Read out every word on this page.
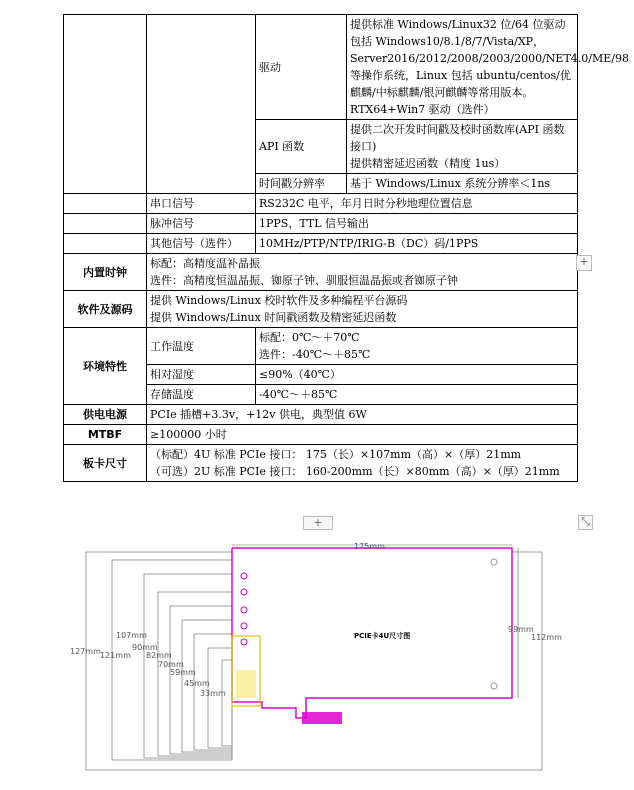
		驱动	提供标准 Windows/Linux32 位/64 位驱动
包括 Windows10/8.1/8/7/Vista/XP，Server2016/2012/2008/2003/2000/NET4.0/ME/98 等操作系统，Linux 包括 ubuntu/centos/优麒麟/中标麒麟/银河麒麟等常用版本。
RTX64+Win7 驱动（选件）

		API 函数	提供二次开发时间戳及校时函数库(API 函数接口)
提供精密延迟函数（精度 1us）

		时间戳分辨率	基于 Windows/Linux 系统分辨率＜1ns
	串口信号	RS232C 电平，年月日时分秒地理位置信息	
	脉冲信号	1PPS，TTL 信号输出	
	其他信号（选件）	10MHz/PTP/NTP/IRIG-B（DC）码/1PPS	
内置时钟	标配：高精度温补晶振
选件：高精度恒温晶振、铷原子钟、驯服恒温晶振或者铷原子钟		

软件及源码	提供 Windows/Linux 校时软件及多种编程平台源码
提供 Windows/Linux 时间戳函数及精密延迟函数		

环境特性	工作温度	标配：0℃～＋70℃
选件：-40℃～＋85℃	

	相对湿度	≤90%（40℃）	
	存储温度	-40℃～＋85℃	
供电电源	PCIe 插槽+3.3v，+12v 供电，典型值 6W		
MTBF	≥100000 小时		
板卡尺寸	（标配）4U 标准 PCIe 接口： 175（长）×107mm（高）×（厚）21mm
（可选）2U 标准 PCIe 接口： 160-200mm（长）×80mm（高）×（厚）21mm		
+
+	⤡
175mm
99mm
112mm
PCIE卡4U尺寸图
127mm 121mm
107mm
90mm
82mm
70mm
59mm
45mm
33mm
